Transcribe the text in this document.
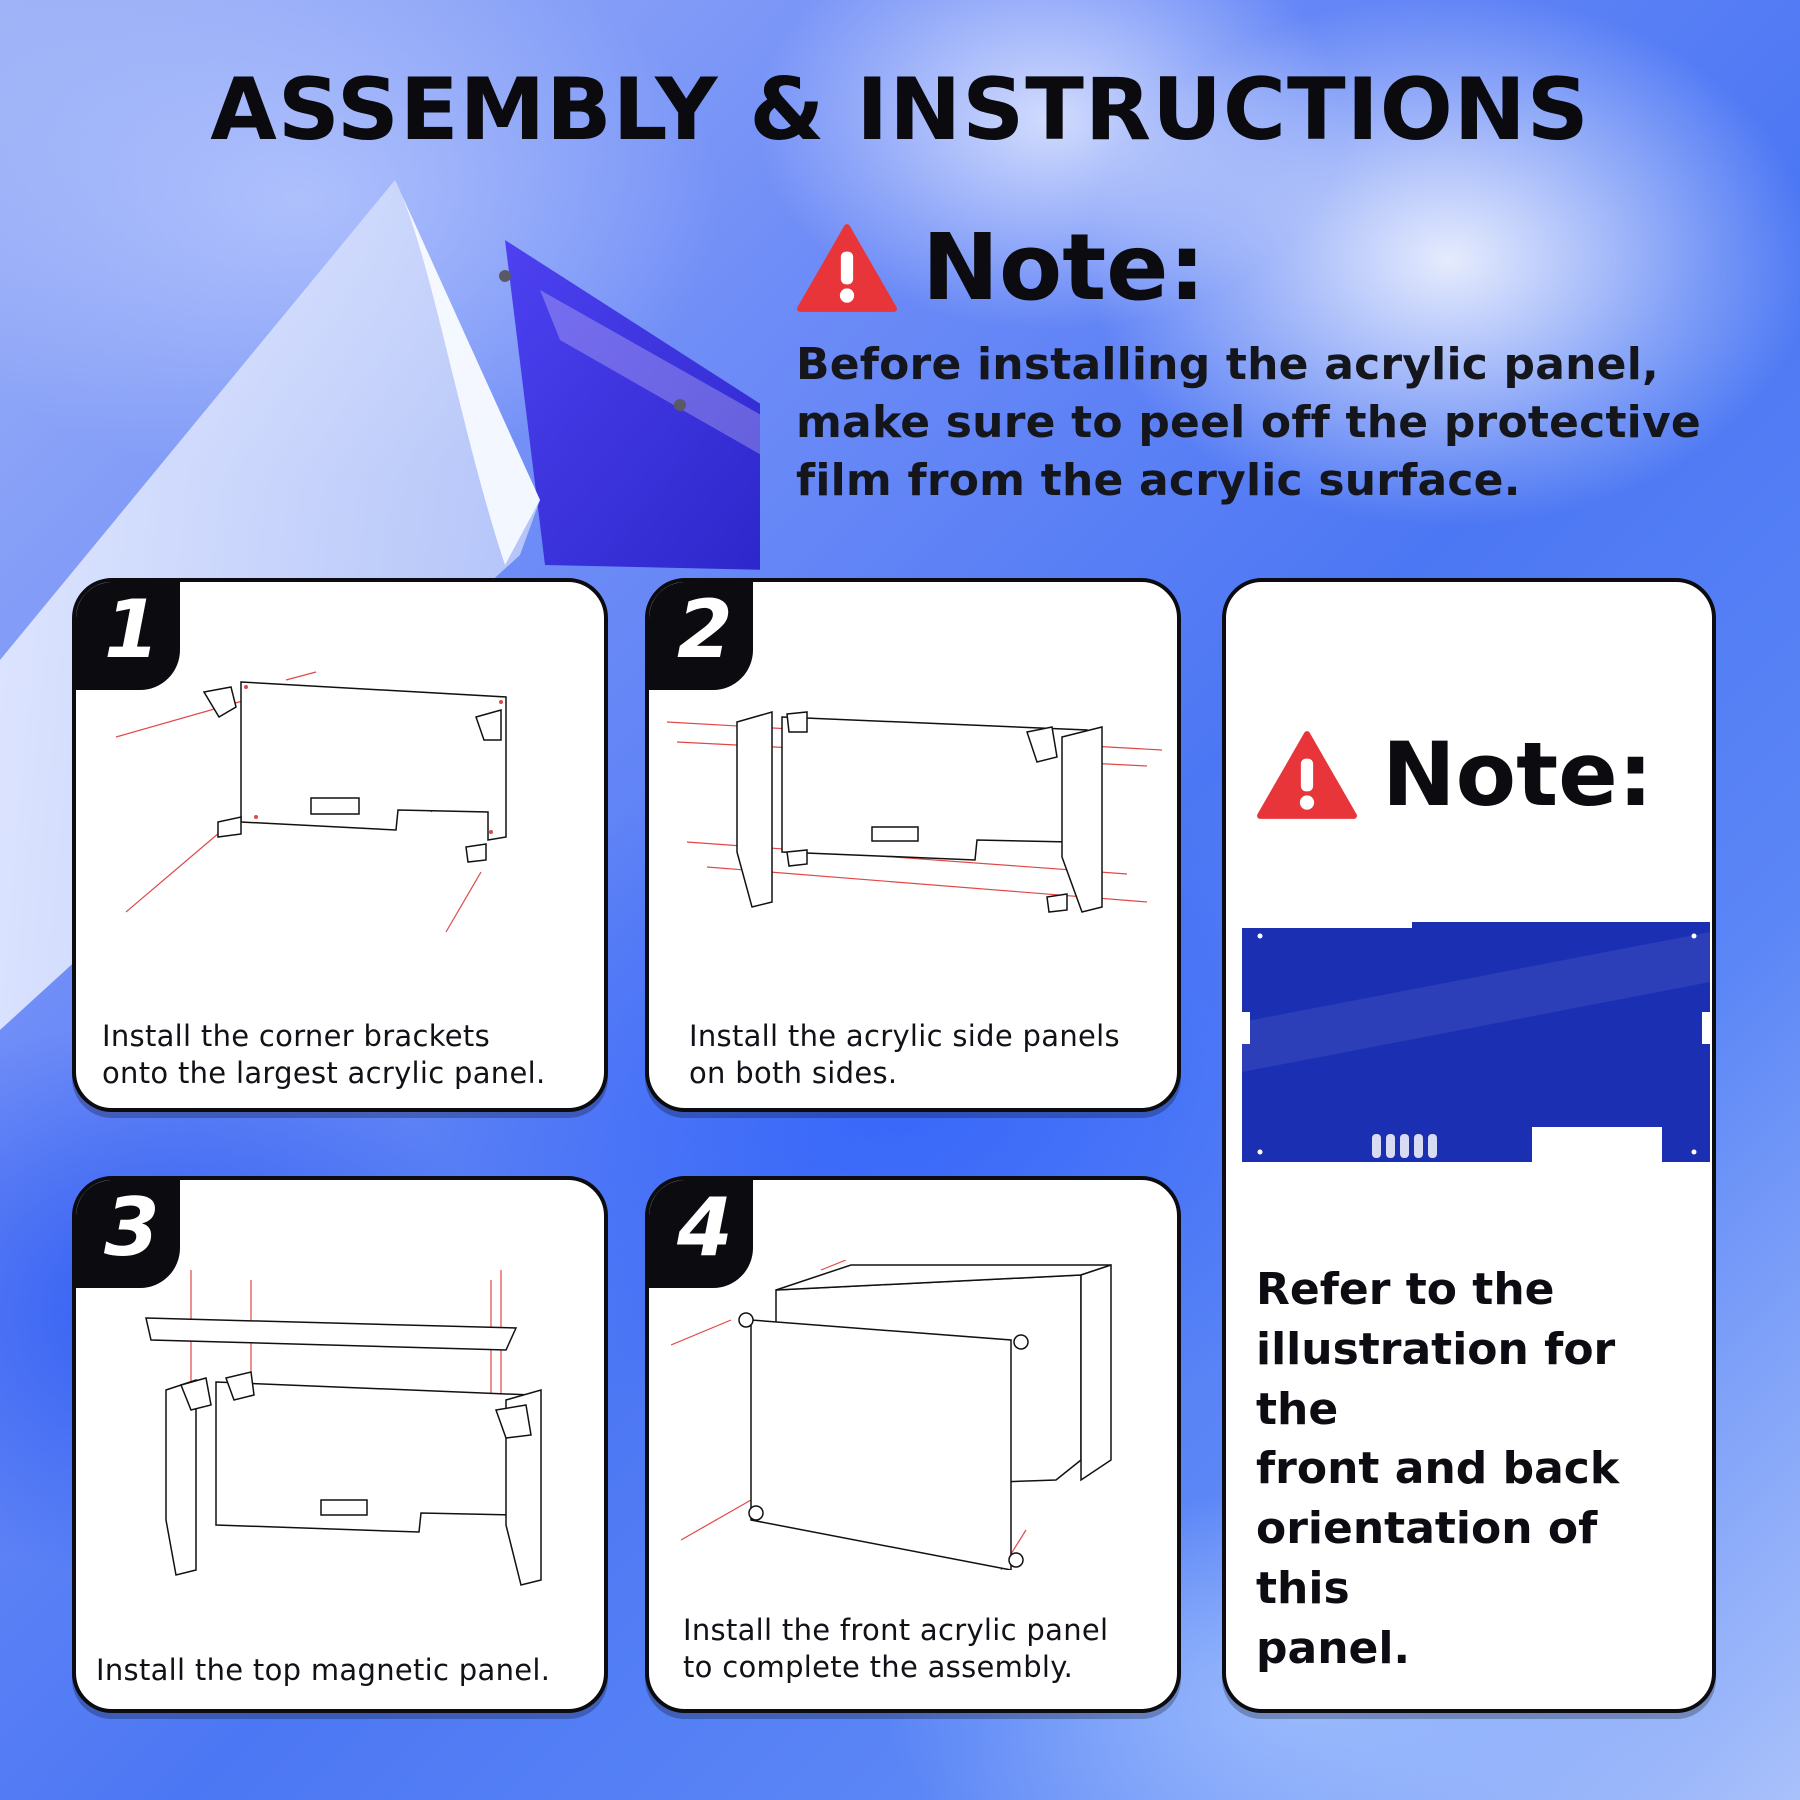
ASSEMBLY & INSTRUCTIONS
Note:
Before installing the acrylic panel,
make sure to peel off the protective
film from the acrylic surface.
1
Install the corner brackets
onto the largest acrylic panel.
2
Install the acrylic side panels
on both sides.
3
Install the top magnetic panel.
4
Install the front acrylic panel
to complete the assembly.
Note:
Refer to the
illustration for the
front and back
orientation of this
panel.
